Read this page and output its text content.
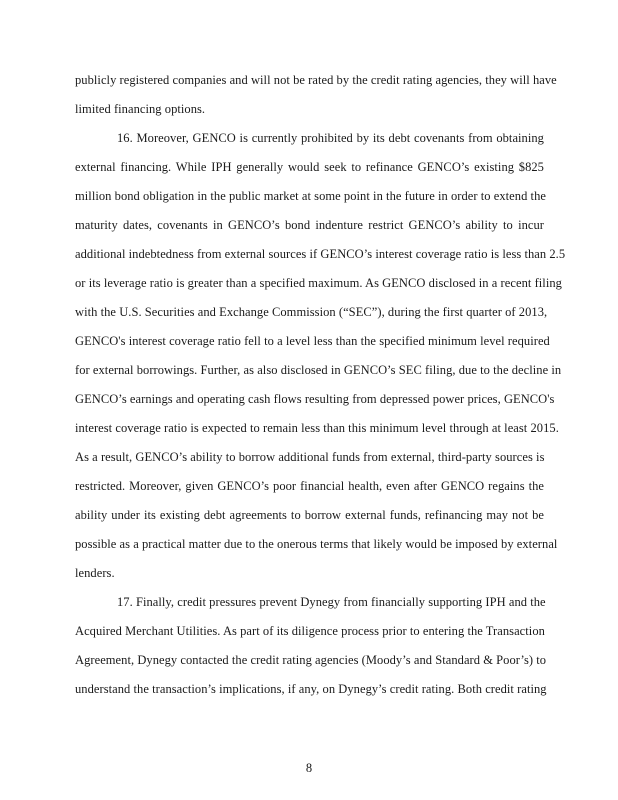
publicly registered companies and will not be rated by the credit rating agencies, they will have
limited financing options.
16. Moreover, GENCO is currently prohibited by its debt covenants from obtaining
external financing. While IPH generally would seek to refinance GENCO’s existing $825
million bond obligation in the public market at some point in the future in order to extend the
maturity dates, covenants in GENCO’s bond indenture restrict GENCO’s ability to incur
additional indebtedness from external sources if GENCO’s interest coverage ratio is less than 2.5
or its leverage ratio is greater than a specified maximum. As GENCO disclosed in a recent filing
with the U.S. Securities and Exchange Commission (“SEC”), during the first quarter of 2013,
GENCO's interest coverage ratio fell to a level less than the specified minimum level required
for external borrowings. Further, as also disclosed in GENCO’s SEC filing, due to the decline in
GENCO’s earnings and operating cash flows resulting from depressed power prices, GENCO's
interest coverage ratio is expected to remain less than this minimum level through at least 2015.
As a result, GENCO’s ability to borrow additional funds from external, third-party sources is
restricted. Moreover, given GENCO’s poor financial health, even after GENCO regains the
ability under its existing debt agreements to borrow external funds, refinancing may not be
possible as a practical matter due to the onerous terms that likely would be imposed by external
lenders.
17. Finally, credit pressures prevent Dynegy from financially supporting IPH and the
Acquired Merchant Utilities. As part of its diligence process prior to entering the Transaction
Agreement, Dynegy contacted the credit rating agencies (Moody’s and Standard & Poor’s) to
understand the transaction’s implications, if any, on Dynegy’s credit rating. Both credit rating
8
